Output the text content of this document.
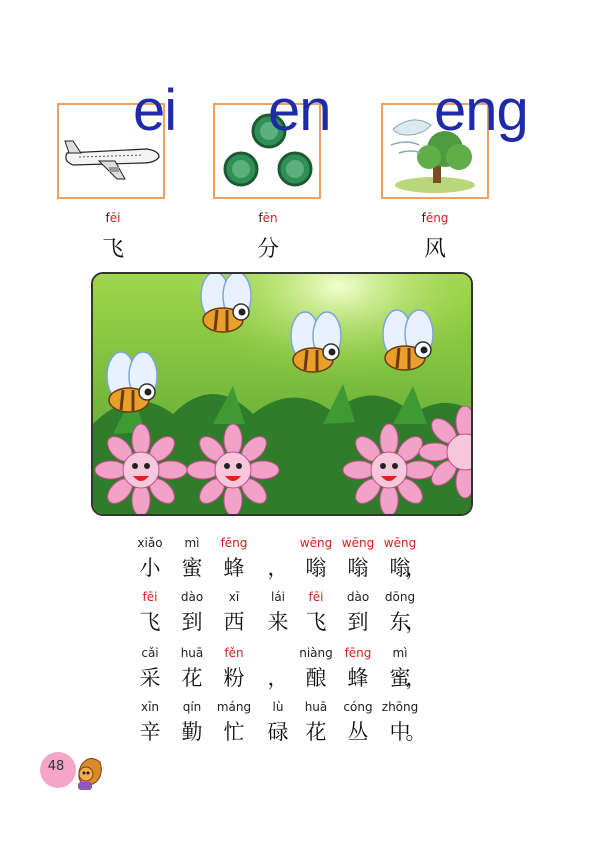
ei en eng
fēi
飞
fēn
分
fēng
风
xiǎo
小
mì
蜜
fēng
蜂 ，
wēng
嗡
wēng
嗡
wēng
嗡
，
fēi
飞
dào
到
xī
西
lái
来
fēi
飞
dào
到
dōng
东
，
cǎi
采
huā
花
fěn
粉 ，
niàng
酿
fēng
蜂
mì
蜜
，
xīn
辛
qín
勤
máng
忙
lù
碌
huā
花
cóng
丛
zhōng
中
。
48
